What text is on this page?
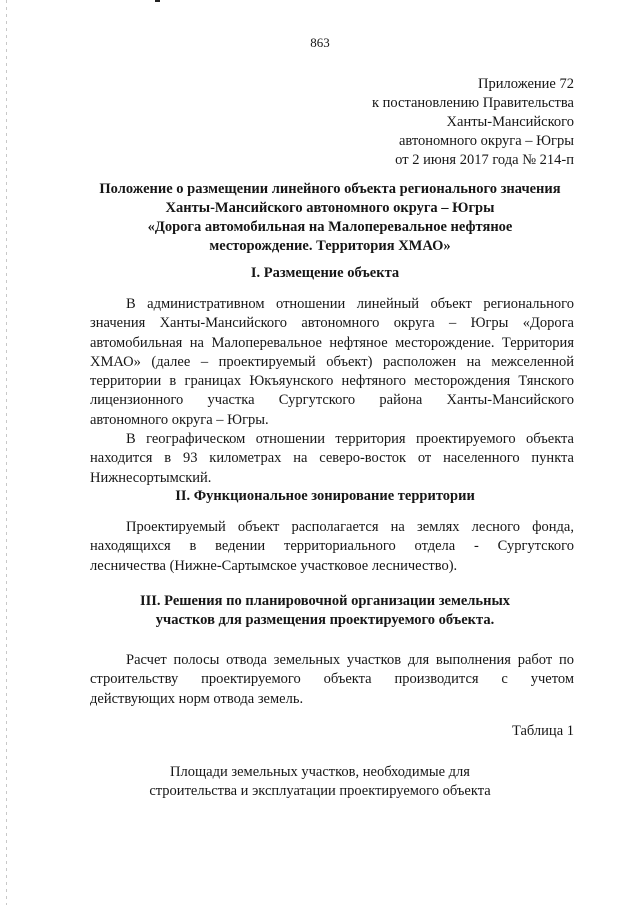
863
Приложение 72
к постановлению Правительства
Ханты-Мансийского
автономного округа – Югры
от 2 июня 2017 года № 214-п
Положение о размещении линейного объекта регионального значения
Ханты-Мансийского автономного округа – Югры
«Дорога автомобильная на Малоперевальное нефтяное
месторождение. Территория ХМАО»
I. Размещение объекта
В административном отношении линейный объект регионального
значения Ханты-Мансийского автономного округа – Югры «Дорога
автомобильная на Малоперевальное нефтяное месторождение. Территория
ХМАО» (далее – проектируемый объект) расположен на межселенной
территории в границах Юкъяунского нефтяного месторождения Тянского
лицензионного участка Сургутского района Ханты-Мансийского
автономного округа – Югры.
В географическом отношении территория проектируемого объекта
находится в 93 километрах на северо-восток от населенного пункта
Нижнесортымский.
II. Функциональное зонирование территории
Проектируемый объект располагается на землях лесного фонда,
находящихся в ведении территориального отдела - Сургутского
лесничества (Нижне-Сартымское участковое лесничество).
III. Решения по планировочной организации земельных
участков для размещения проектируемого объекта.
Расчет полосы отвода земельных участков для выполнения работ по
строительству проектируемого объекта производится с учетом
действующих норм отвода земель.
Таблица 1
Площади земельных участков, необходимые для
строительства и эксплуатации проектируемого объекта
